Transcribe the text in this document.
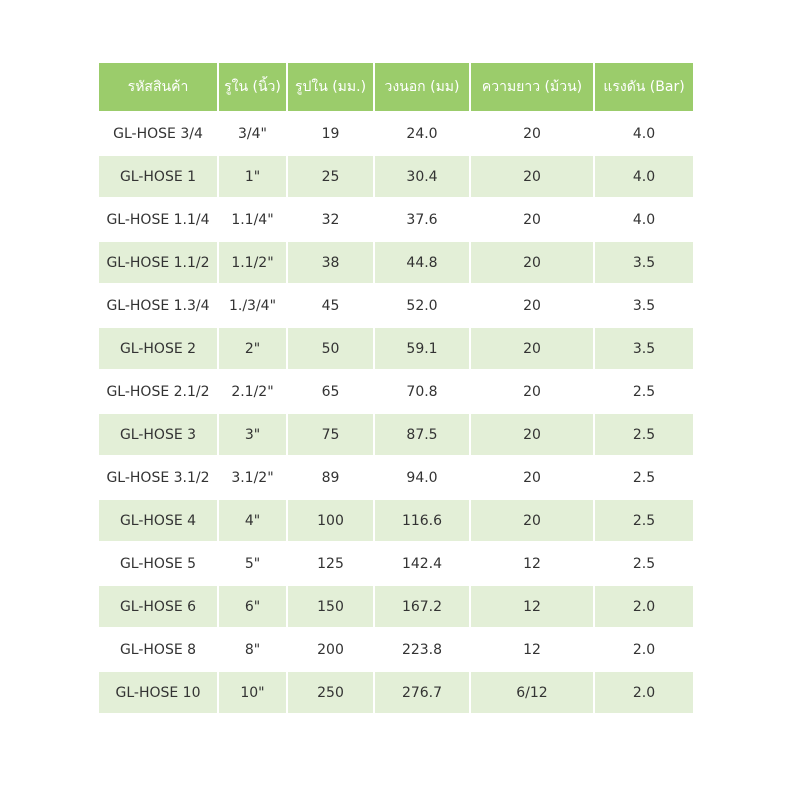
รหัสสินค้า	รูใน (นิ้ว)	รูปใน (มม.)	วงนอก (มม)	ความยาว (ม้วน)	แรงดัน (Bar)
GL-HOSE 3/4	3/4"	19	24.0	20	4.0
GL-HOSE 1	1"	25	30.4	20	4.0
GL-HOSE 1.1/4	1.1/4"	32	37.6	20	4.0
GL-HOSE 1.1/2	1.1/2"	38	44.8	20	3.5
GL-HOSE 1.3/4	1./3/4"	45	52.0	20	3.5
GL-HOSE 2	2"	50	59.1	20	3.5
GL-HOSE 2.1/2	2.1/2"	65	70.8	20	2.5
GL-HOSE 3	3"	75	87.5	20	2.5
GL-HOSE 3.1/2	3.1/2"	89	94.0	20	2.5
GL-HOSE 4	4"	100	116.6	20	2.5
GL-HOSE 5	5"	125	142.4	12	2.5
GL-HOSE 6	6"	150	167.2	12	2.0
GL-HOSE 8	8"	200	223.8	12	2.0
GL-HOSE 10	10"	250	276.7	6/12	2.0
